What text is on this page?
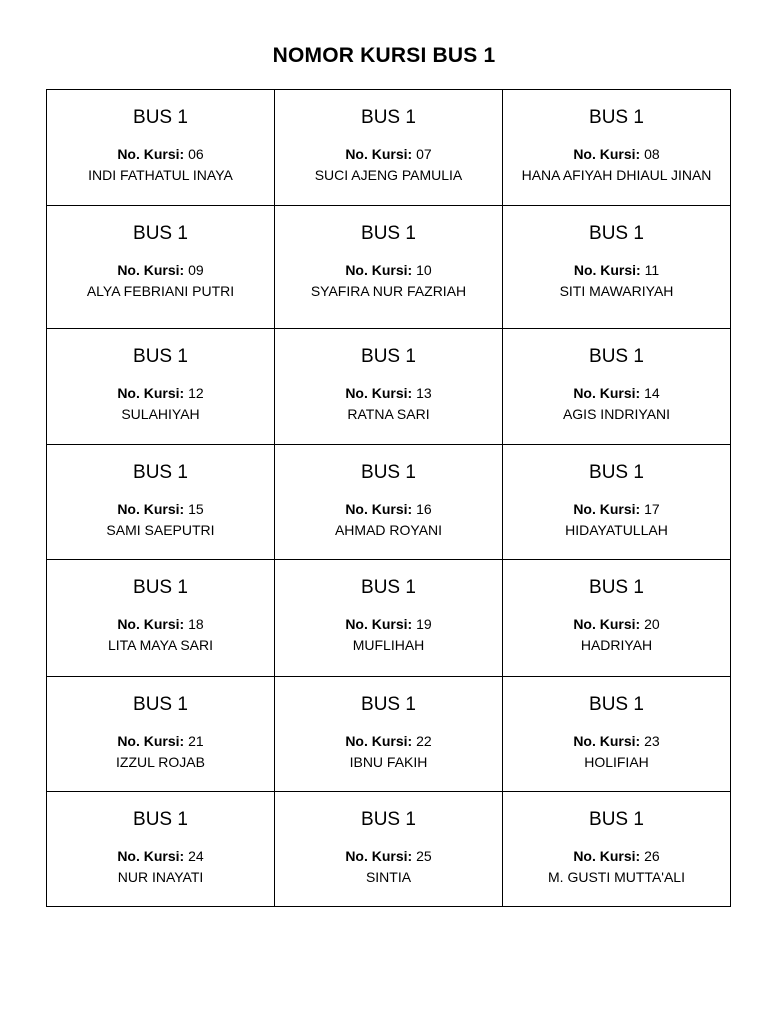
NOMOR KURSI BUS 1
BUS 1
No. Kursi: 06
INDI FATHATUL INAYA	BUS 1
No. Kursi: 07
SUCI AJENG PAMULIA	BUS 1
No. Kursi: 08
HANA AFIYAH DHIAUL JINAN

BUS 1
No. Kursi: 09
ALYA FEBRIANI PUTRI	BUS 1
No. Kursi: 10
SYAFIRA NUR FAZRIAH	BUS 1
No. Kursi: 11
SITI MAWARIYAH

BUS 1
No. Kursi: 12
SULAHIYAH	BUS 1
No. Kursi: 13
RATNA SARI	BUS 1
No. Kursi: 14
AGIS INDRIYANI

BUS 1
No. Kursi: 15
SAMI SAEPUTRI	BUS 1
No. Kursi: 16
AHMAD ROYANI	BUS 1
No. Kursi: 17
HIDAYATULLAH

BUS 1
No. Kursi: 18
LITA MAYA SARI	BUS 1
No. Kursi: 19
MUFLIHAH	BUS 1
No. Kursi: 20
HADRIYAH

BUS 1
No. Kursi: 21
IZZUL ROJAB	BUS 1
No. Kursi: 22
IBNU FAKIH	BUS 1
No. Kursi: 23
HOLIFIAH

BUS 1
No. Kursi: 24
NUR INAYATI	BUS 1
No. Kursi: 25
SINTIA	BUS 1
No. Kursi: 26
M. GUSTI MUTTA'ALI
